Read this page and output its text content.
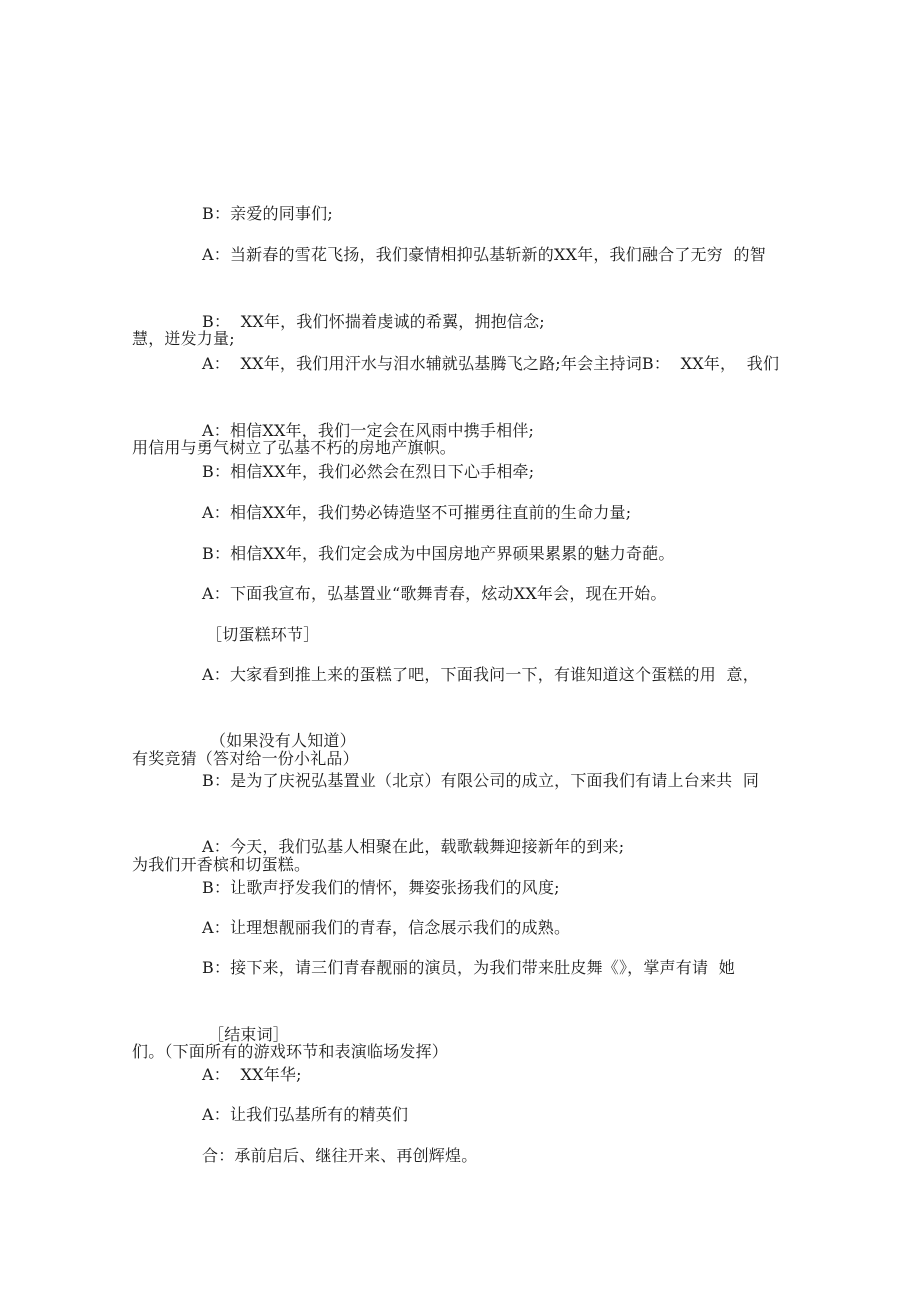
B：亲爱的同事们;

A：当新春的雪花飞扬，我们豪情相抑弘基斩新的XX年，我们融合了无穷  的智

慧，迸发力量;

B：  XX年，我们怀揣着虔诚的希翼，拥抱信念;

A：  XX年，我们用汗水与泪水辅就弘基腾飞之路;年会主持词B：  XX年，  我们

用信用与勇气树立了弘基不朽的房地产旗帜。

A：相信XX年，我们一定会在风雨中携手相伴;

B：相信XX年，我们必然会在烈日下心手相牵;

A：相信XX年，我们势必铸造坚不可摧勇往直前的生命力量;

B：相信XX年，我们定会成为中国房地产界硕果累累的魅力奇葩。

A：下面我宣布，弘基置业“歌舞青春，炫动XX年会，现在开始。

［切蛋糕环节］

A：大家看到推上来的蛋糕了吧，下面我问一下，有谁知道这个蛋糕的用  意，

有奖竞猜（答对给一份小礼品）

（如果没有人知道）

B：是为了庆祝弘基置业（北京）有限公司的成立，下面我们有请上台来共  同

为我们开香槟和切蛋糕。

A：今天，我们弘基人相聚在此，载歌载舞迎接新年的到来;

B：让歌声抒发我们的情怀，舞姿张扬我们的风度;

A：让理想靓丽我们的青春，信念展示我们的成熟。

B：接下来，请三们青春靓丽的演员，为我们带来肚皮舞《》，掌声有请  她

们。（下面所有的游戏环节和表演临场发挥）

［结束词］

A：  XX年华;

A：让我们弘基所有的精英们

合：承前启后、继往开来、再创辉煌。
